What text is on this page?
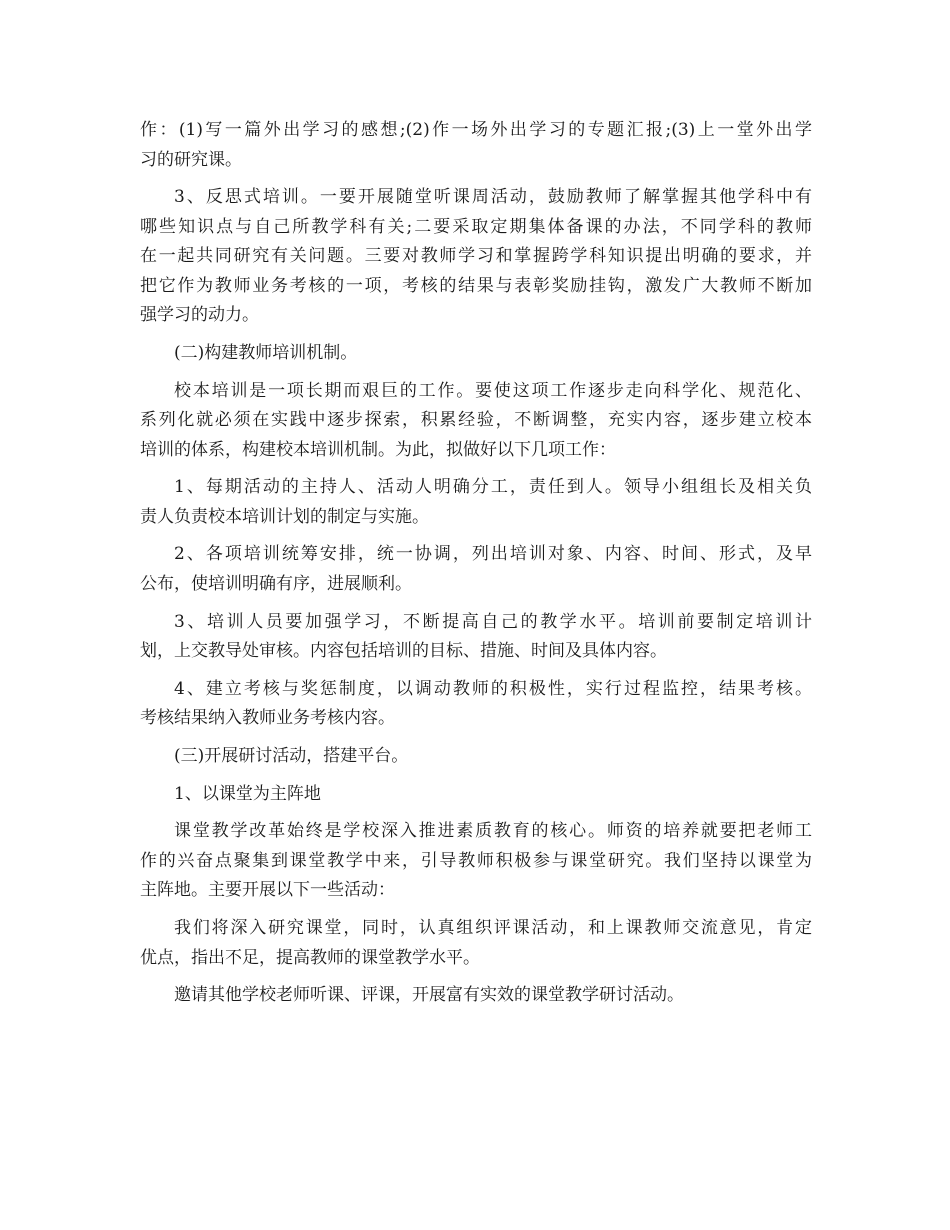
作：(1)写一篇外出学习的感想;(2)作一场外出学习的专题汇报;(3)上一堂外出学
习的研究课。
3、反思式培训。一要开展随堂听课周活动，鼓励教师了解掌握其他学科中有
哪些知识点与自己所教学科有关;二要采取定期集体备课的办法，不同学科的教师
在一起共同研究有关问题。三要对教师学习和掌握跨学科知识提出明确的要求，并
把它作为教师业务考核的一项，考核的结果与表彰奖励挂钩，激发广大教师不断加
强学习的动力。
(二)构建教师培训机制。
校本培训是一项长期而艰巨的工作。要使这项工作逐步走向科学化、规范化、
系列化就必须在实践中逐步探索，积累经验，不断调整，充实内容，逐步建立校本
培训的体系，构建校本培训机制。为此，拟做好以下几项工作：
1、每期活动的主持人、活动人明确分工，责任到人。领导小组组长及相关负
责人负责校本培训计划的制定与实施。
2、各项培训统筹安排，统一协调，列出培训对象、内容、时间、形式，及早
公布，使培训明确有序，进展顺利。
3、培训人员要加强学习，不断提高自己的教学水平。培训前要制定培训计
划，上交教导处审核。内容包括培训的目标、措施、时间及具体内容。
4、建立考核与奖惩制度，以调动教师的积极性，实行过程监控，结果考核。
考核结果纳入教师业务考核内容。
(三)开展研讨活动，搭建平台。
1、以课堂为主阵地
课堂教学改革始终是学校深入推进素质教育的核心。师资的培养就要把老师工
作的兴奋点聚集到课堂教学中来，引导教师积极参与课堂研究。我们坚持以课堂为
主阵地。主要开展以下一些活动：
我们将深入研究课堂，同时，认真组织评课活动，和上课教师交流意见，肯定
优点，指出不足，提高教师的课堂教学水平。
邀请其他学校老师听课、评课，开展富有实效的课堂教学研讨活动。
